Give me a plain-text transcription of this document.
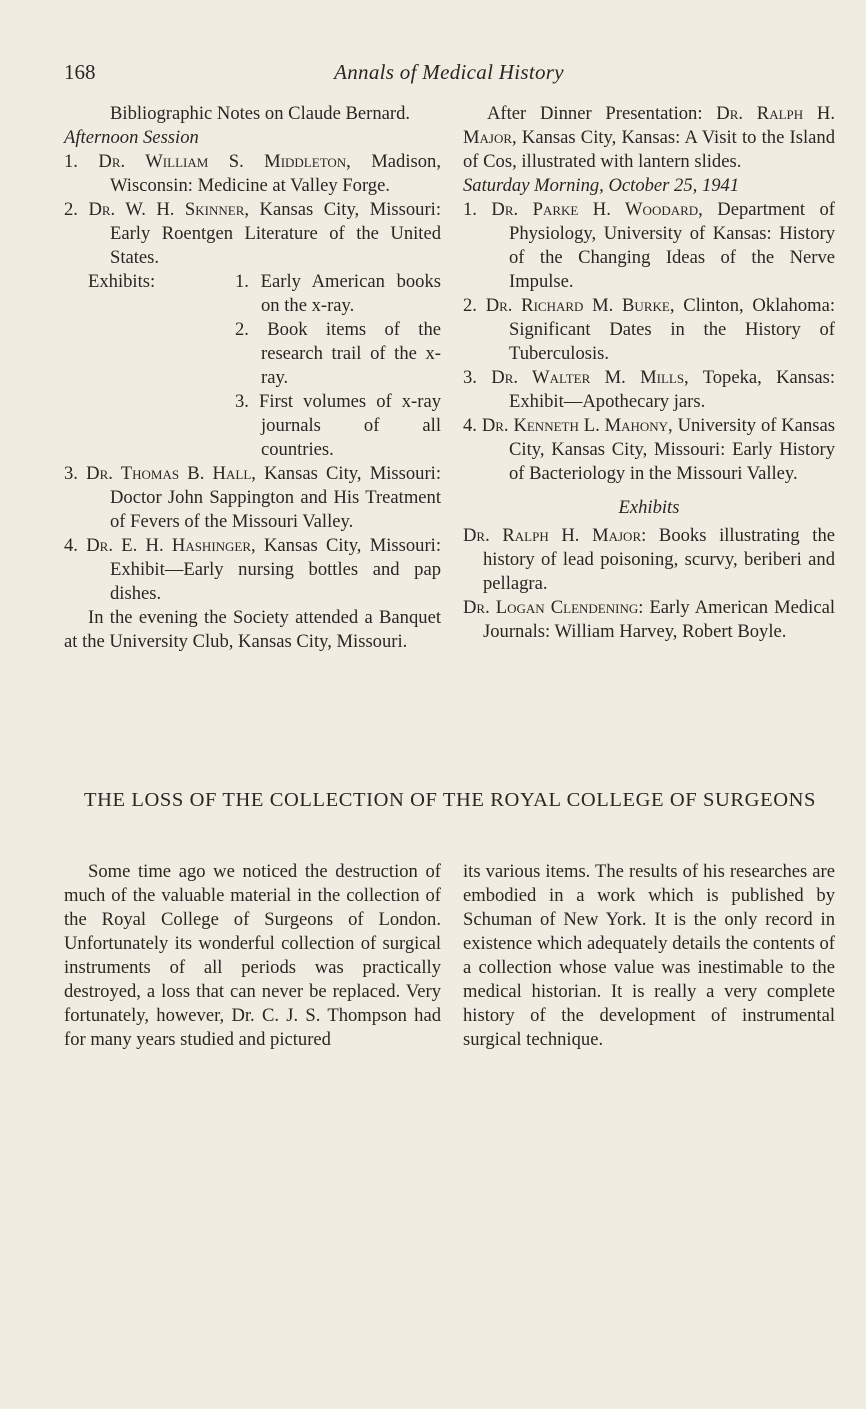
168	Annals of Medical History

Bibliographic Notes on Claude Bernard.

Afternoon Session

1. Dr. William S. Middleton, Madison, Wisconsin: Medicine at Valley Forge.

2. Dr. W. H. Skinner, Kansas City, Missouri: Early Roentgen Literature of the United States.

Exhibits:	1. Early American books on the x-ray.
2. Book items of the research trail of the x-ray.
3. First volumes of x-ray journals of all countries.

3. Dr. Thomas B. Hall, Kansas City, Missouri: Doctor John Sappington and His Treatment of Fevers of the Missouri Valley.

4. Dr. E. H. Hashinger, Kansas City, Missouri: Exhibit—Early nursing bottles and pap dishes.

In the evening the Society attended a Banquet at the University Club, Kansas City, Missouri.

After Dinner Presentation: Dr. Ralph H. Major, Kansas City, Kansas: A Visit to the Island of Cos, illustrated with lantern slides.

Saturday Morning, October 25, 1941

1. Dr. Parke H. Woodard, Department of Physiology, University of Kansas: History of the Changing Ideas of the Nerve Impulse.

2. Dr. Richard M. Burke, Clinton, Oklahoma: Significant Dates in the History of Tuberculosis.

3. Dr. Walter M. Mills, Topeka, Kansas: Exhibit—Apothecary jars.

4. Dr. Kenneth L. Mahony, University of Kansas City, Kansas City, Missouri: Early History of Bacteriology in the Missouri Valley.

Exhibits

Dr. Ralph H. Major: Books illustrating the history of lead poisoning, scurvy, beriberi and pellagra.

Dr. Logan Clendening: Early American Medical Journals: William Harvey, Robert Boyle.

THE LOSS OF THE COLLECTION OF THE ROYAL COLLEGE OF SURGEONS

Some time ago we noticed the destruction of much of the valuable material in the collection of the Royal College of Surgeons of London. Unfortunately its wonderful collection of surgical instruments of all periods was practically destroyed, a loss that can never be replaced. Very fortunately, however, Dr. C. J. S. Thompson had for many years studied and pictured

its various items. The results of his researches are embodied in a work which is published by Schuman of New York. It is the only record in existence which adequately details the contents of a collection whose value was inestimable to the medical historian. It is really a very complete history of the development of instrumental surgical technique.
